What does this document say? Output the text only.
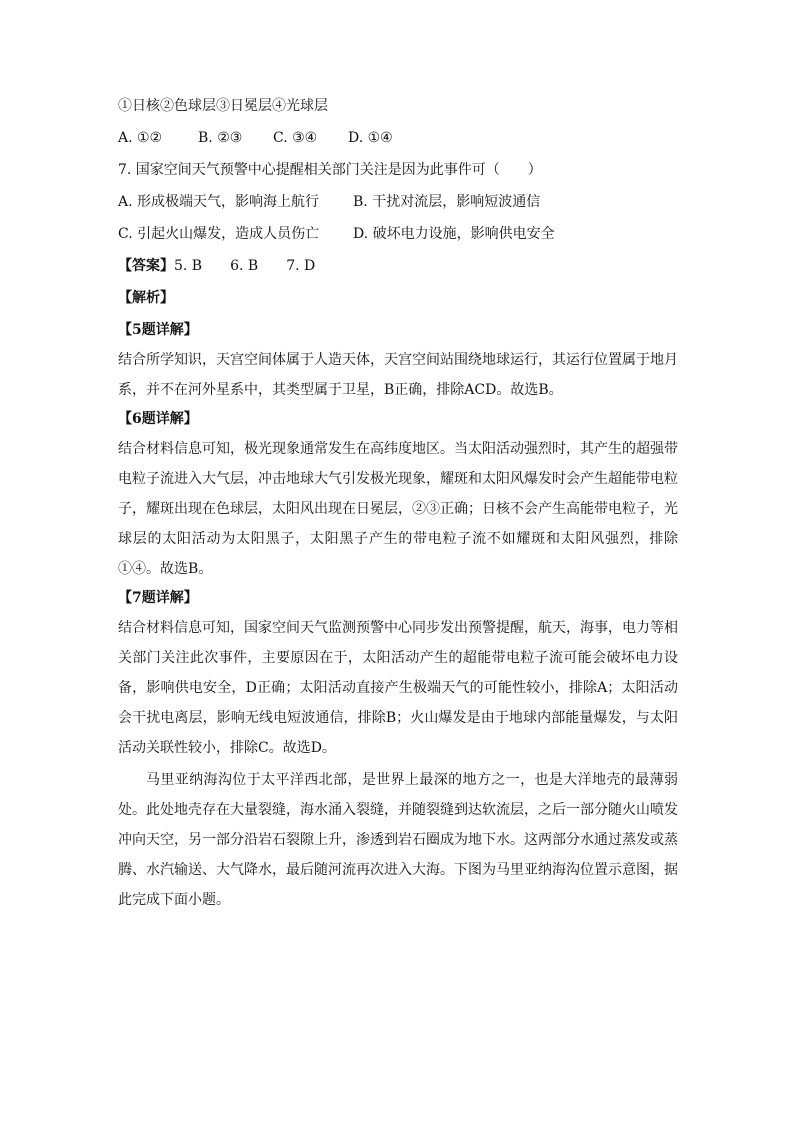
①日核②色球层③日冕层④光球层

A. ①②	B. ②③ C. ③④ D. ①④

7. 国家空间天气预警中心提醒相关部门关注是因为此事件可（　　）

A. 形成极端天气，影响海上航行 B. 干扰对流层，影响短波通信

C. 引起火山爆发，造成人员伤亡 D. 破坏电力设施，影响供电安全

【答案】5. B　　6. B　　7. D

【解析】

【5题详解】

结合所学知识，天宫空间体属于人造天体，天宫空间站围绕地球运行，其运行位置属于地月系，并不在河外星系中，其类型属于卫星，B正确，排除ACD。故选B。

【6题详解】

结合材料信息可知，极光现象通常发生在高纬度地区。当太阳活动强烈时，其产生的超强带电粒子流进入大气层，冲击地球大气引发极光现象，耀斑和太阳风爆发时会产生超能带电粒子，耀斑出现在色球层，太阳风出现在日冕层，②③正确；日核不会产生高能带电粒子，光球层的太阳活动为太阳黑子，太阳黑子产生的带电粒子流不如耀斑和太阳风强烈，排除①④。故选B。

【7题详解】

结合材料信息可知，国家空间天气监测预警中心同步发出预警提醒，航天，海事，电力等相关部门关注此次事件，主要原因在于，太阳活动产生的超能带电粒子流可能会破坏电力设备，影响供电安全，D正确；太阳活动直接产生极端天气的可能性较小，排除A；太阳活动会干扰电离层，影响无线电短波通信，排除B；火山爆发是由于地球内部能量爆发，与太阳活动关联性较小，排除C。故选D。

马里亚纳海沟位于太平洋西北部，是世界上最深的地方之一，也是大洋地壳的最薄弱处。此处地壳存在大量裂缝，海水涌入裂缝，并随裂缝到达软流层，之后一部分随火山喷发冲向天空，另一部分沿岩石裂隙上升，渗透到岩石圈成为地下水。这两部分水通过蒸发或蒸腾、水汽输送、大气降水，最后随河流再次进入大海。下图为马里亚纳海沟位置示意图，据此完成下面小题。
